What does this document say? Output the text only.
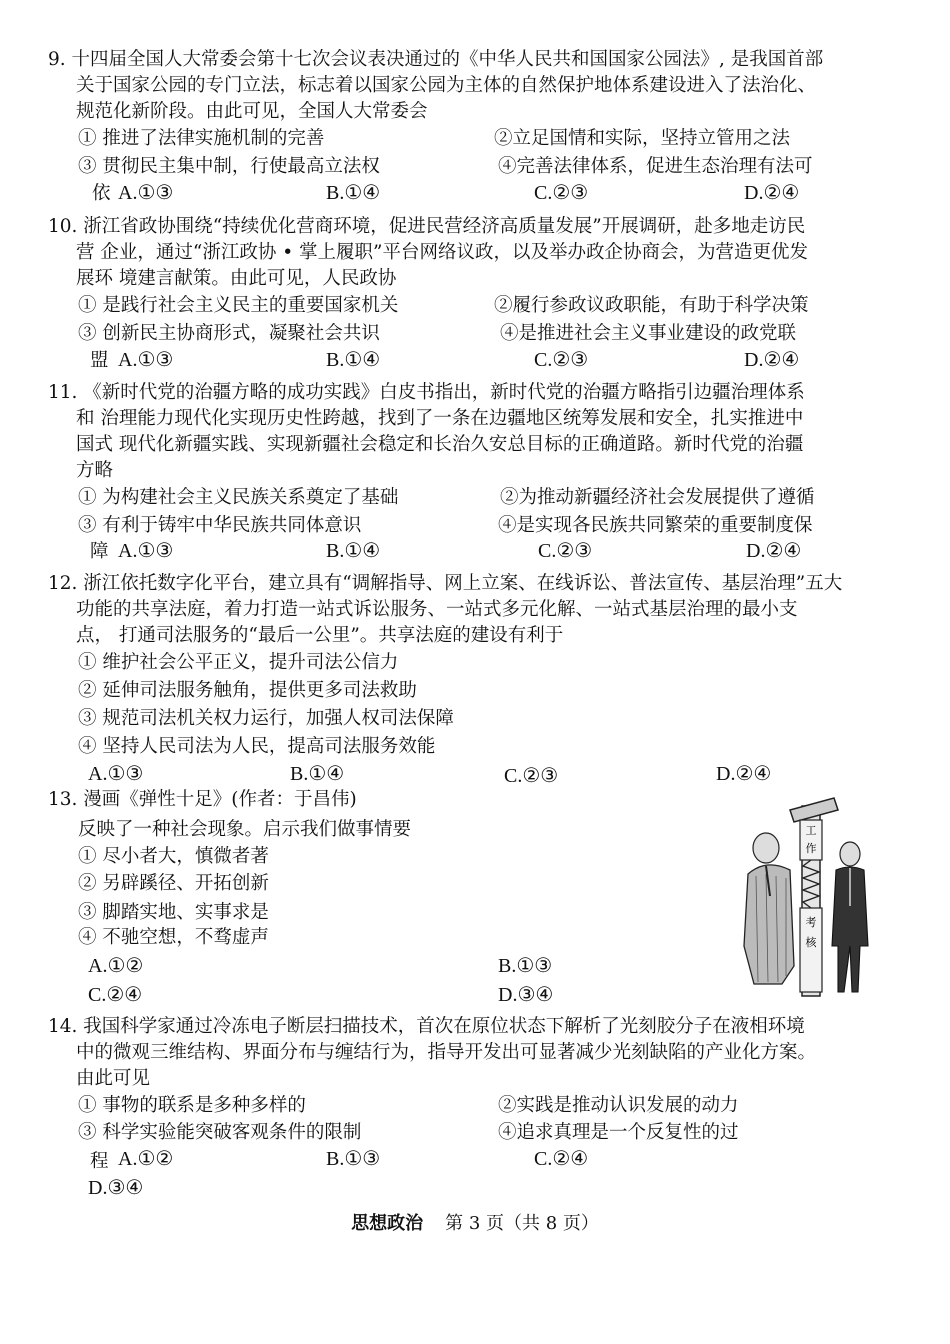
9. 十四届全国人大常委会第十七次会议表决通过的《中华人民共和国国家公园法》, 是我国首部
关于国家公园的专门立法，标志着以国家公园为主体的自然保护地体系建设进入了法治化、
规范化新阶段。由此可见，全国人大常委会
① 推进了法律实施机制的完善	②立足国情和实际，坚持立管用之法
③ 贯彻民主集中制，行使最高立法权	④完善法律体系，促进生态治理有法可
依 A.①③	B.①④	C.②③	D.②④
10. 浙江省政协围绕“持续优化营商环境，促进民营经济高质量发展”开展调研，赴多地走访民
营 企业，通过“浙江政协 • 掌上履职”平台网络议政，以及举办政企协商会，为营造更优发
展环 境建言献策。由此可见，人民政协
① 是践行社会主义民主的重要国家机关	②履行参政议政职能，有助于科学决策
③ 创新民主协商形式，凝聚社会共识	④是推进社会主义事业建设的政党联
盟 A.①③	B.①④	C.②③	D.②④
11. 《新时代党的治疆方略的成功实践》白皮书指出，新时代党的治疆方略指引边疆治理体系
和 治理能力现代化实现历史性跨越，找到了一条在边疆地区统筹发展和安全，扎实推进中
国式 现代化新疆实践、实现新疆社会稳定和长治久安总目标的正确道路。新时代党的治疆
方略
① 为构建社会主义民族关系奠定了基础	②为推动新疆经济社会发展提供了遵循
③ 有利于铸牢中华民族共同体意识	④是实现各民族共同繁荣的重要制度保
障 A.①③	B.①④	C.②③	D.②④
12. 浙江依托数字化平台，建立具有“调解指导、网上立案、在线诉讼、普法宣传、基层治理”五大
功能的共享法庭，着力打造一站式诉讼服务、一站式多元化解、一站式基层治理的最小支
点， 打通司法服务的“最后一公里”。共享法庭的建设有利于
① 维护社会公平正义，提升司法公信力
② 延伸司法服务触角，提供更多司法救助
③ 规范司法机关权力运行，加强人权司法保障
④ 坚持人民司法为人民，提高司法服务效能
A.①③	B.①④	C.②③	D.②④
13. 漫画《弹性十足》(作者：于昌伟)
反映了一种社会现象。启示我们做事情要
① 尽小者大，慎微者著
② 另辟蹊径、开拓创新
③ 脚踏实地、实事求是
④ 不驰空想，不骛虚声
A.①②	B.①③
C.②④	D.③④
工
作
考
核
14. 我国科学家通过冷冻电子断层扫描技术，首次在原位状态下解析了光刻胶分子在液相环境
中的微观三维结构、界面分布与缠结行为，指导开发出可显著减少光刻缺陷的产业化方案。
由此可见
① 事物的联系是多种多样的	②实践是推动认识发展的动力
③ 科学实验能突破客观条件的限制	④追求真理是一个反复性的过
程 A.①②	B.①③	C.②④
D.③④
思想政治 第 3 页（共 8 页）
